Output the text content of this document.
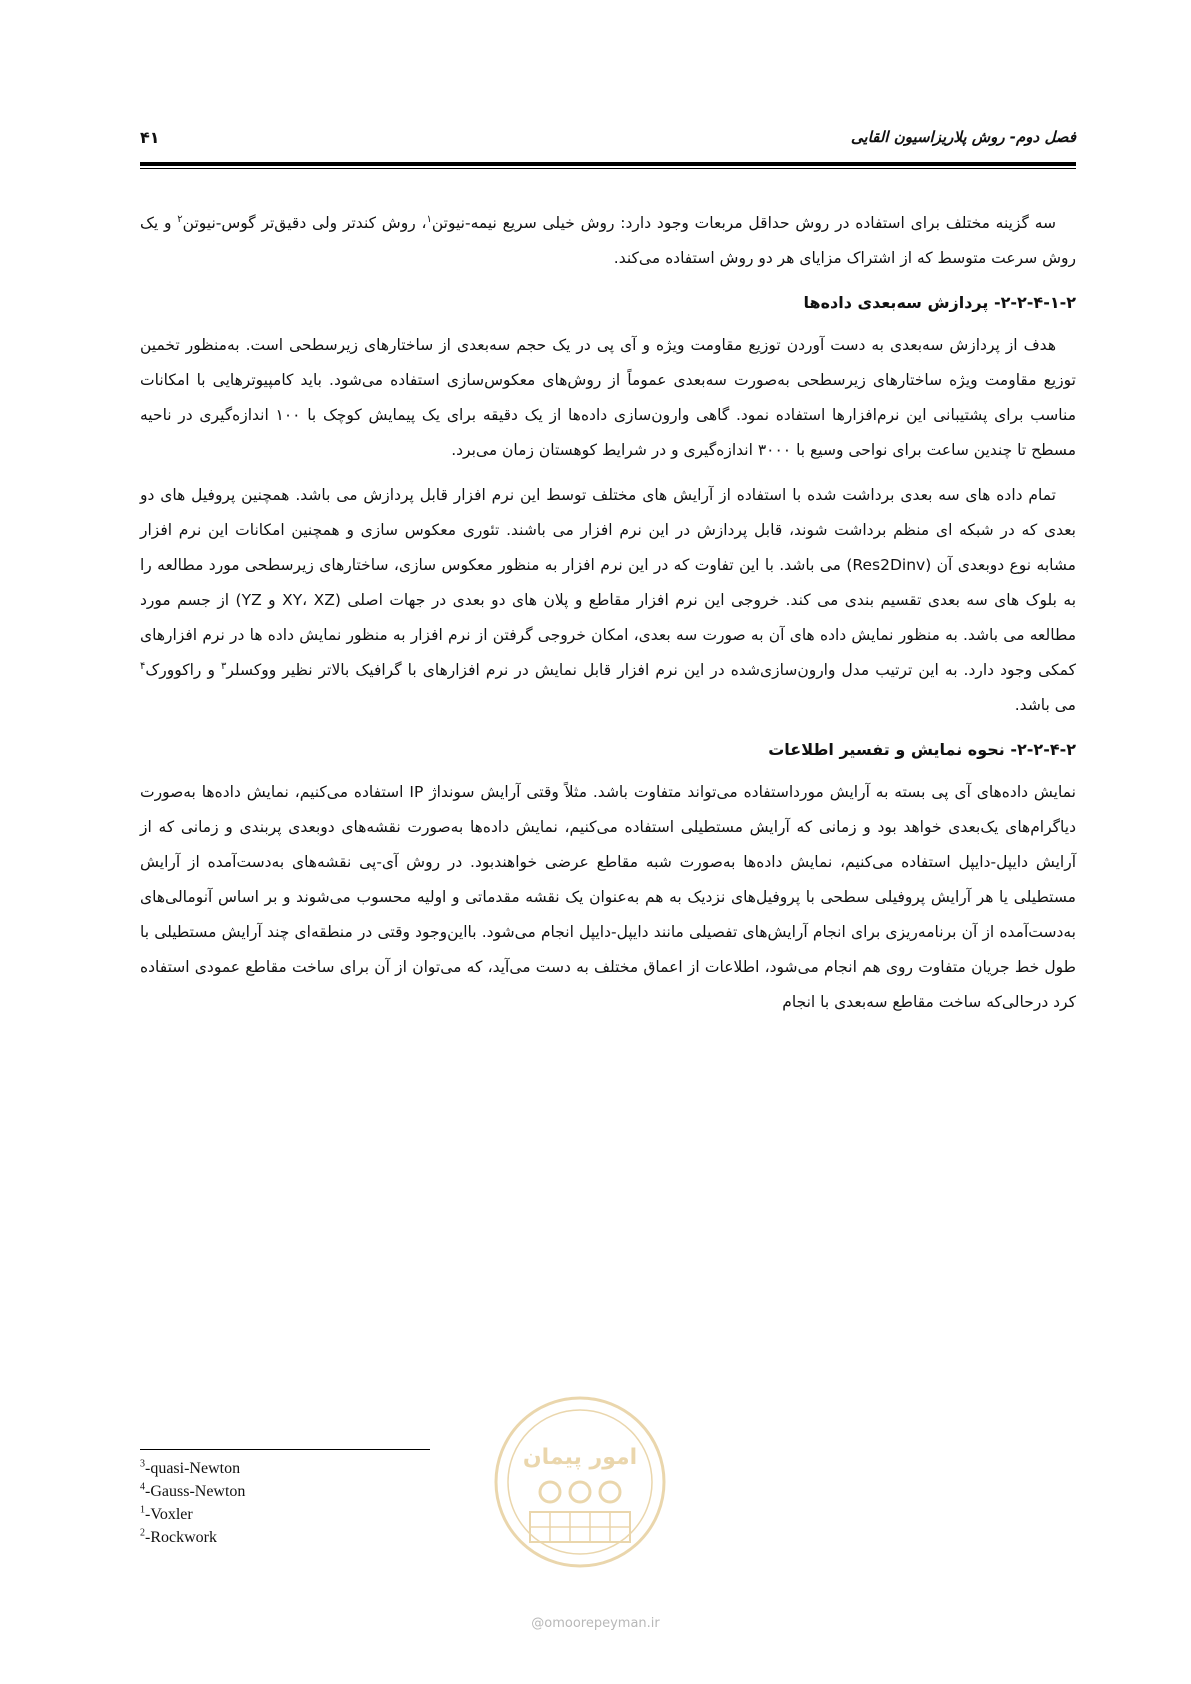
فصل دوم- روش پلاریزاسیون القایی
۴۱

سه گزینه مختلف برای استفاده در روش حداقل مربعات وجود دارد: روش خیلی سریع نیمه-نیوتن$^۱$، روش کندتر ولی دقیق‌تر گوس-نیوتن$^۲$ و یک روش سرعت متوسط که از اشتراک مزایای هر دو روش استفاده می‌کند.

۲-۲-۴-۱-۲- پردازش سه‌بعدی داده‌ها

هدف از پردازش سه‌بعدی به دست آوردن توزیع مقاومت ویژه و آی پی در یک حجم سه‌بعدی از ساختارهای زیرسطحی است. به‌منظور تخمین توزیع مقاومت ویژه ساختارهای زیرسطحی به‌صورت سه‌بعدی عموماً از روش‌های معکوس‌سازی استفاده می‌شود. باید کامپیوترهایی با امکانات مناسب برای پشتیبانی این نرم‌افزارها استفاده نمود. گاهی وارون‌سازی داده‌ها از یک دقیقه برای یک پیمایش کوچک با ۱۰۰ اندازه‌گیری در ناحیه مسطح تا چندین ساعت برای نواحی وسیع با ۳۰۰۰ اندازه‌گیری و در شرایط کوهستان زمان می‌برد.

تمام داده های سه بعدی برداشت شده با استفاده از آرایش های مختلف توسط این نرم افزار قابل پردازش می باشد. همچنین پروفیل های دو بعدی که در شبکه ای منظم برداشت شوند، قابل پردازش در این نرم افزار می باشند. تئوری معکوس سازی و همچنین امکانات این نرم افزار مشابه نوع دوبعدی آن (Res2Dinv) می باشد. با این تفاوت که در این نرم افزار به منظور معکوس سازی، ساختارهای زیرسطحی مورد مطالعه را به بلوک های سه بعدی تقسیم بندی می کند. خروجی این نرم افزار مقاطع و پلان های دو بعدی در جهات اصلی (XY، XZ و YZ) از جسم مورد مطالعه می باشد. به منظور نمایش داده های آن به صورت سه بعدی، امکان خروجی گرفتن از نرم افزار به منظور نمایش داده ها در نرم افزارهای کمکی وجود دارد. به این ترتیب مدل وارون‌سازی‌شده در این نرم افزار قابل نمایش در نرم افزارهای با گرافیک بالاتر نظیر ووکسلر$^۳$ و راکوورک$^۴$ می باشد.

۲-۲-۴-۲- نحوه نمایش و تفسیر اطلاعات

نمایش داده‌های آی پی بسته به آرایش مورداستفاده می‌تواند متفاوت باشد. مثلاً وقتی آرایش سونداژ IP استفاده می‌کنیم، نمایش داده‌ها به‌صورت دیاگرام‌های یک‌بعدی خواهد بود و زمانی که آرایش مستطیلی استفاده می‌کنیم، نمایش داده‌ها به‌صورت نقشه‌های دوبعدی پربندی و زمانی که از آرایش دایپل-دایپل استفاده می‌کنیم، نمایش داده‌ها به‌صورت شبه مقاطع عرضی خواهندبود. در روش آی-پی نقشه‌های به‌دست‌آمده از آرایش مستطیلی یا هر آرایش پروفیلی سطحی با پروفیل‌های نزدیک به هم به‌عنوان یک نقشه مقدماتی و اولیه محسوب می‌شوند و بر اساس آنومالی‌های به‌دست‌آمده از آن برنامه‌ریزی برای انجام آرایش‌های تفصیلی مانند دایپل-دایپل انجام می‌شود. بااین‌وجود وقتی در منطقه‌ای چند آرایش مستطیلی با طول خط جریان متفاوت روی هم انجام می‌شود، اطلاعات از اعماق مختلف به دست می‌آید، که می‌توان از آن برای ساخت مقاطع عمودی استفاده کرد درحالی‌که ساخت مقاطع سه‌بعدی با انجام

$^3$-quasi-Newton
$^4$-Gauss-Newton
$^1$-Voxler
$^2$-Rockwork
امور پیمان
@omoorepeyman.ir
